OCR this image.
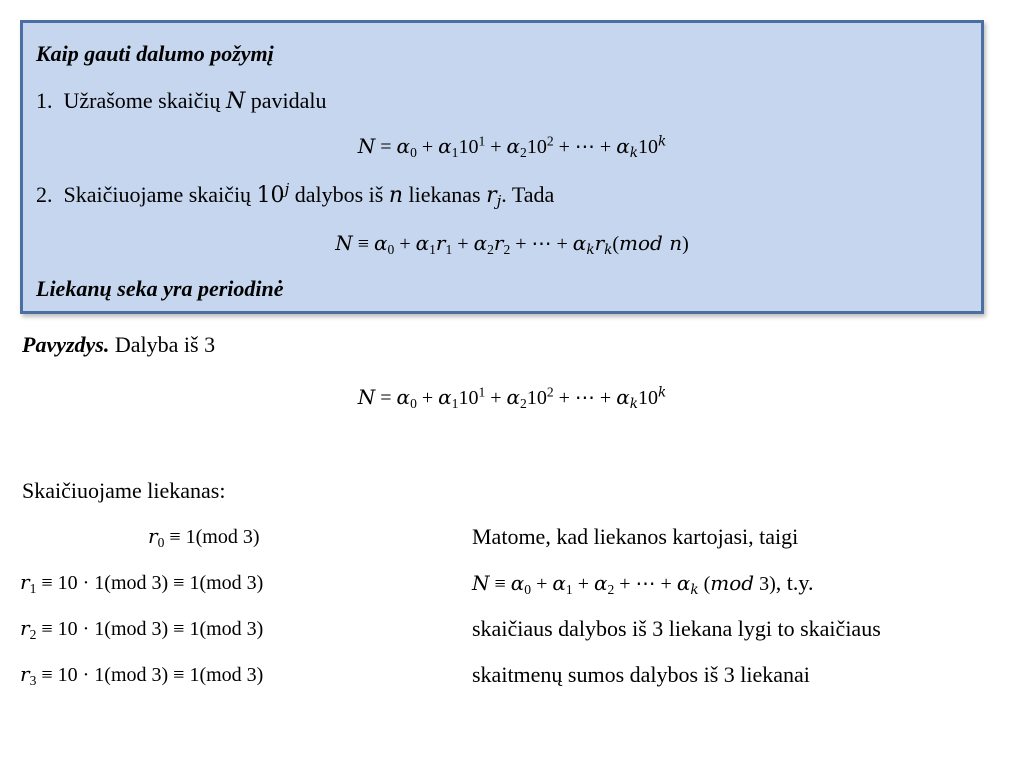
Kaip gauti dalumo požymį
1. Užrašome skaičių N pavidalu
$N = \alpha_0 + \alpha_110^1 + \alpha_210^2$ + ⋯ + $\alpha_k10^k$
2. Skaičiuojame skaičių 10$^j$ dalybos iš n liekanas $r_j$. Tada
$N \equiv \alpha_0 + \alpha_1r_1 + \alpha_2r_2$ + ⋯ + $\alpha_kr_k(mod$ n)
Liekanų seka yra periodinė
Pavyzdys. Dalyba iš 3
$N = \alpha_0 + \alpha_110^1 + \alpha_210^2$ + ⋯ + $\alpha_k10^k$
Skaičiuojame liekanas:
$r_0 \equiv 1(mod$ 3)
$r_1 \equiv 10 \cdot 1(mod$ 3) ≡ 1(mod 3)
$r_2 \equiv 10 \cdot 1(mod$ 3) ≡ 1(mod 3)
$r_3 \equiv 10 \cdot 1(mod$ 3) ≡ 1(mod 3)
Matome, kad liekanos kartojasi, taigi
$N \equiv \alpha_0 + \alpha_1 + \alpha_2$ + ⋯ + $\alpha_k$ (mod 3), t.y.
skaičiaus dalybos iš 3 liekana lygi to skaičiaus
skaitmenų sumos dalybos iš 3 liekanai
